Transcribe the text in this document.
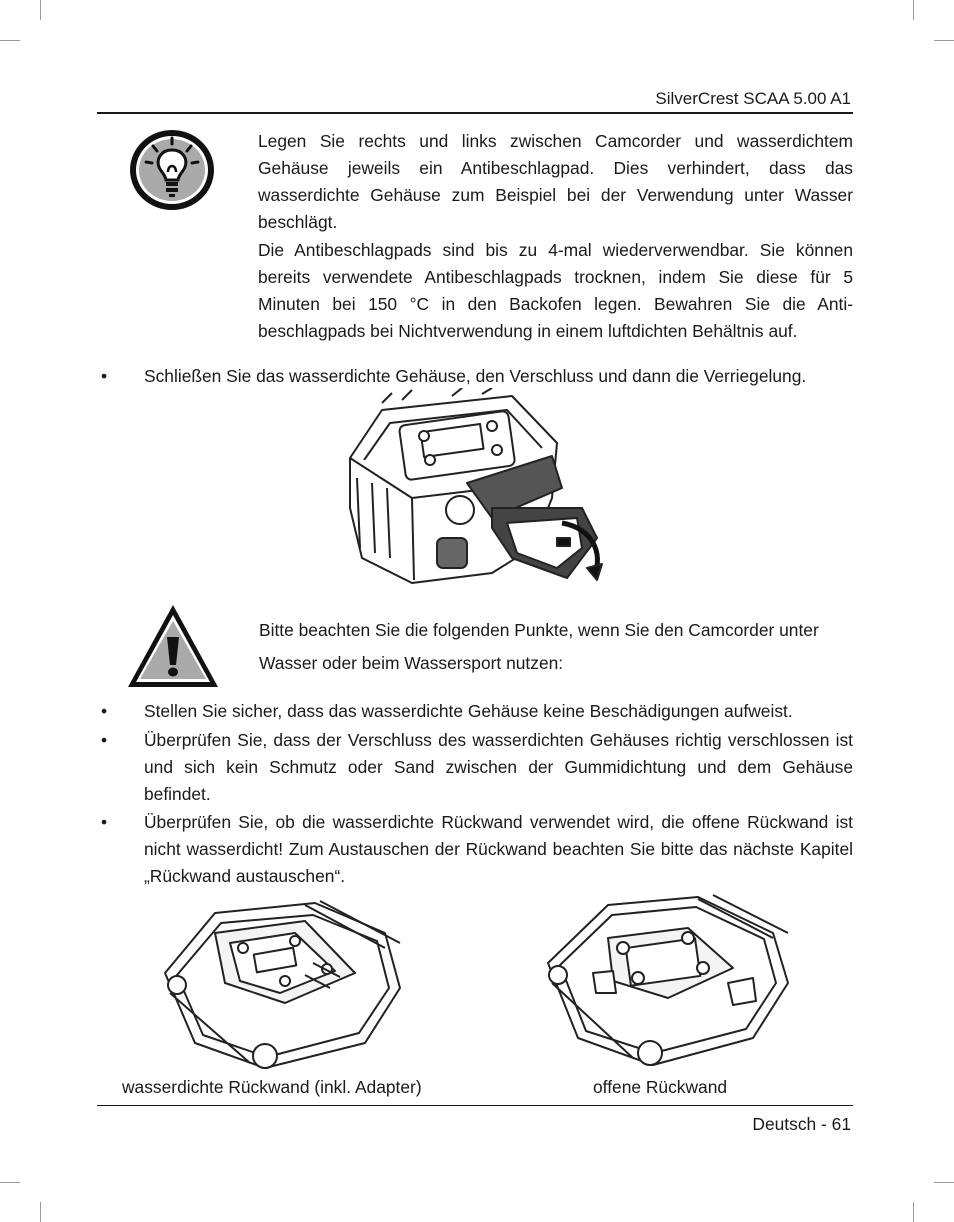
SilverCrest SCAA 5.00 A1

Legen Sie rechts und links zwischen Camcorder und wasserdichtem Gehäuse jeweils ein Antibeschlagpad. Dies verhindert, dass das wasserdichte Gehäuse zum Beispiel bei der Verwendung unter Wasser beschlägt.

Die Antibeschlagpads sind bis zu 4-mal wiederverwendbar. Sie können bereits verwendete Antibeschlagpads trocknen, indem Sie diese für 5 Minuten bei 150 °C in den Backofen legen. Bewahren Sie die Anti-beschlagpads bei Nichtverwendung in einem luftdichten Behältnis auf.

• Schließen Sie das wasserdichte Gehäuse, den Verschluss und dann die Verriegelung.

Bitte beachten Sie die folgenden Punkte, wenn Sie den Camcorder unter

Wasser oder beim Wassersport nutzen:

• Stellen Sie sicher, dass das wasserdichte Gehäuse keine Beschädigungen aufweist.
• Überprüfen Sie, dass der Verschluss des wasserdichten Gehäuses richtig verschlossen ist und sich kein Schmutz oder Sand zwischen der Gummidichtung und dem Gehäuse befindet.
• Überprüfen Sie, ob die wasserdichte Rückwand verwendet wird, die offene Rückwand ist nicht wasserdicht! Zum Austauschen der Rückwand beachten Sie bitte das nächste Kapitel „Rückwand austauschen“.
wasserdichte Rückwand (inkl. Adapter)	offene Rückwand
Deutsch - 61
